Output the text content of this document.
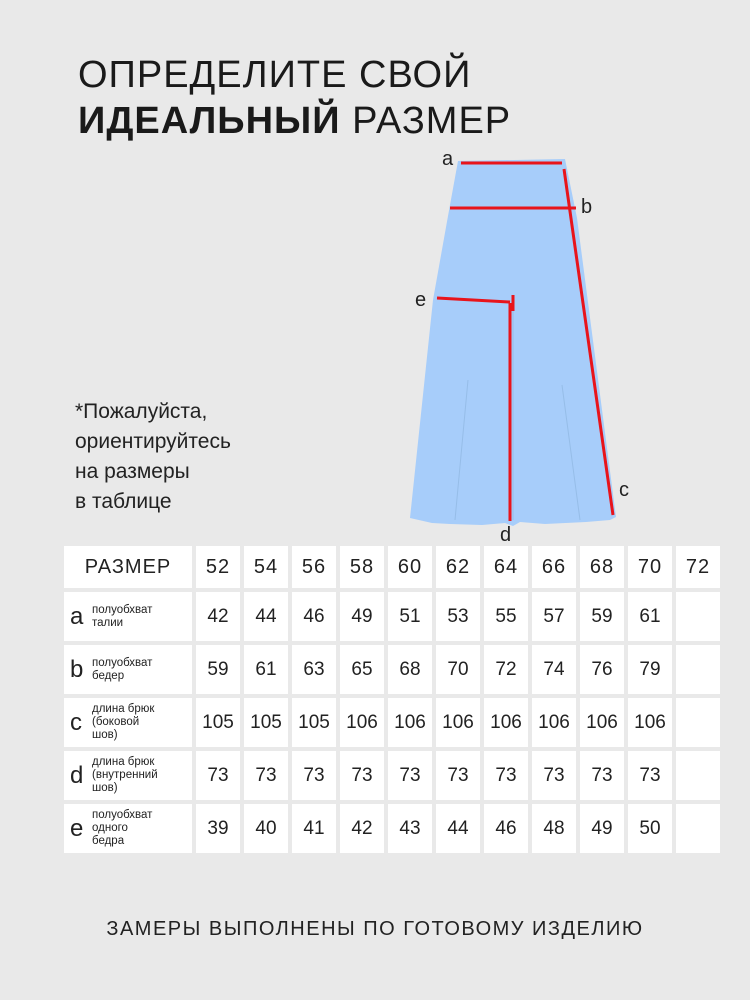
ОПРЕДЕЛИТЕ СВОЙ
ИДЕАЛЬНЫЙ РАЗМЕР
a
b
c
d
e
*Пожалуйста,
ориентируйтесь
на размеры
в таблице
РАЗМЕР	52	54	56	58	60	62	64	66	68	70	72
a полуобхват
талии	42	44	46	49	51	53	55	57	59	61
b полуобхват
бедер	59	61	63	65	68	70	72	74	76	79
c длина брюк
(боковой
шов)
105 105 105 106 106 106 106 106 106 106
d длина брюк
(внутренний
шов)
73	73	73	73	73	73	73	73	73	73
e полуобхват
одного
бедра
39	40	41	42	43	44	46	48	49	50
ЗАМЕРЫ ВЫПОЛНЕНЫ ПО ГОТОВОМУ ИЗДЕЛИЮ
